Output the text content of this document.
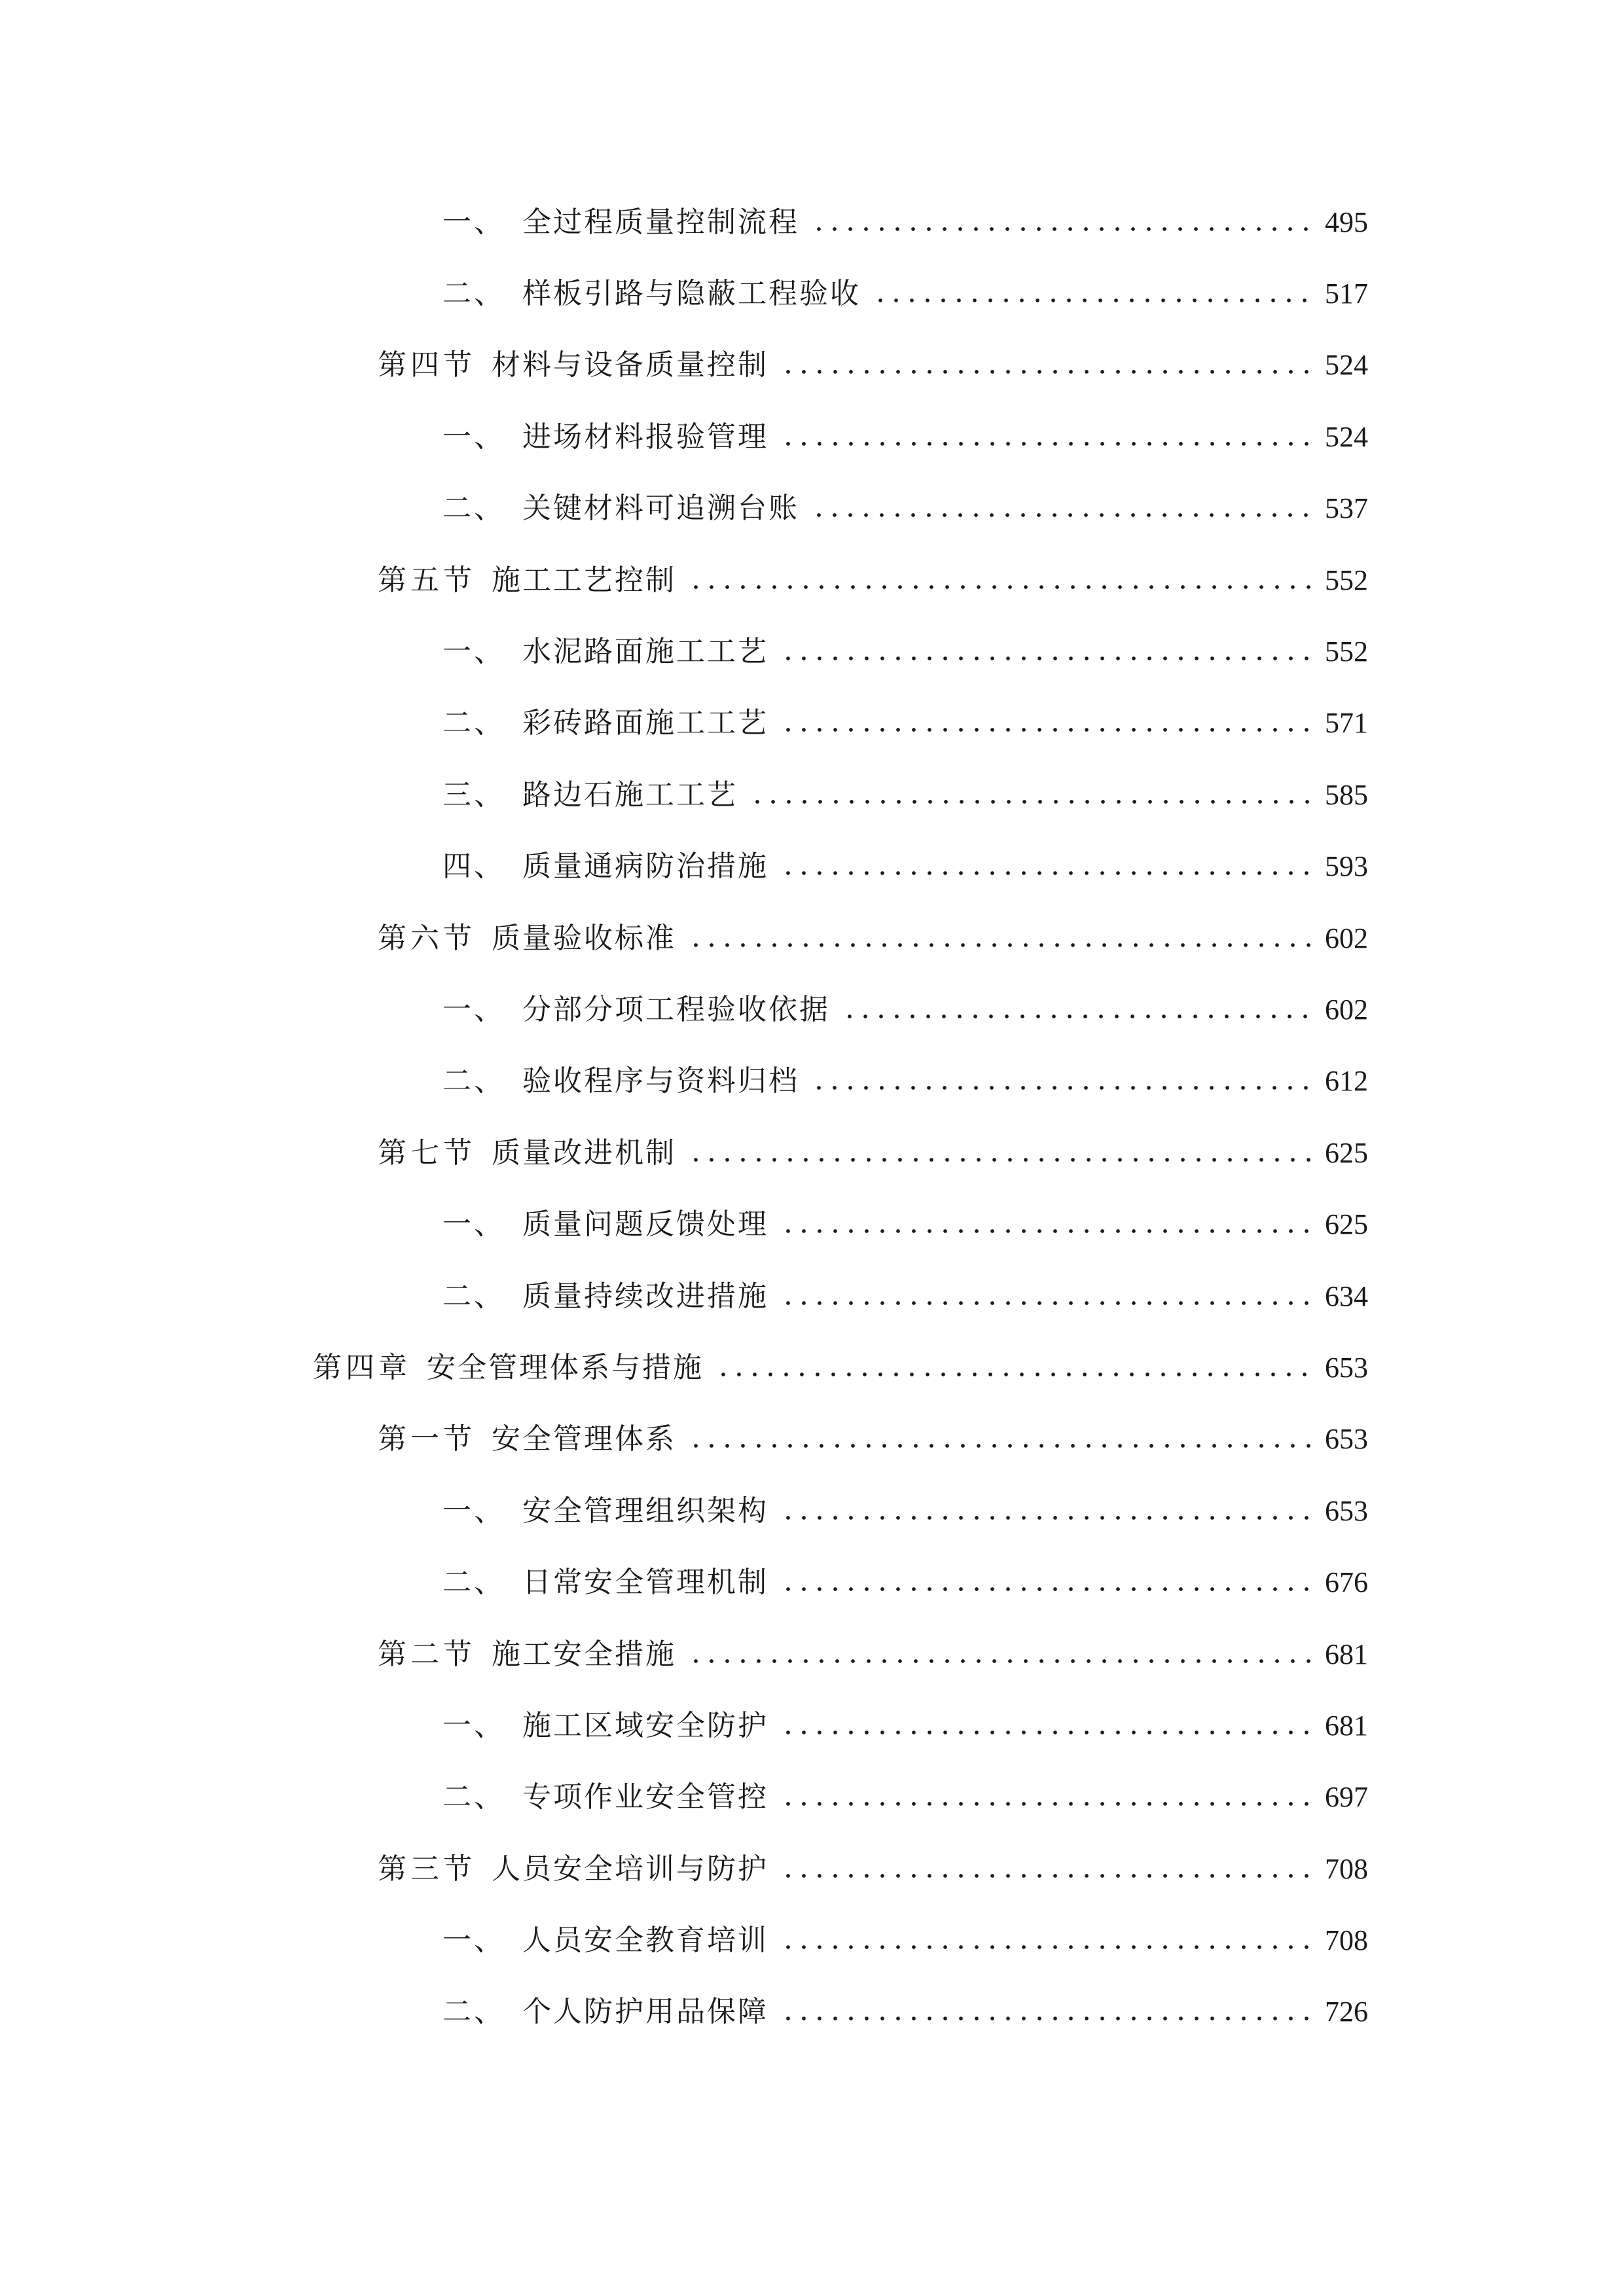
一、 全过程质量控制流程	495
二、 样板引路与隐蔽工程验收	517
第四节 材料与设备质量控制	524
一、 进场材料报验管理	524
二、 关键材料可追溯台账	537
第五节 施工工艺控制	552
一、 水泥路面施工工艺	552
二、 彩砖路面施工工艺	571
三、 路边石施工工艺	585
四、 质量通病防治措施	593
第六节 质量验收标准	602
一、 分部分项工程验收依据	602
二、 验收程序与资料归档	612
第七节 质量改进机制	625
一、 质量问题反馈处理	625
二、 质量持续改进措施	634
第四章 安全管理体系与措施	653
第一节 安全管理体系	653
一、 安全管理组织架构	653
二、 日常安全管理机制	676
第二节 施工安全措施	681
一、 施工区域安全防护	681
二、 专项作业安全管控	697
第三节 人员安全培训与防护	708
一、 人员安全教育培训	708
二、 个人防护用品保障	726
